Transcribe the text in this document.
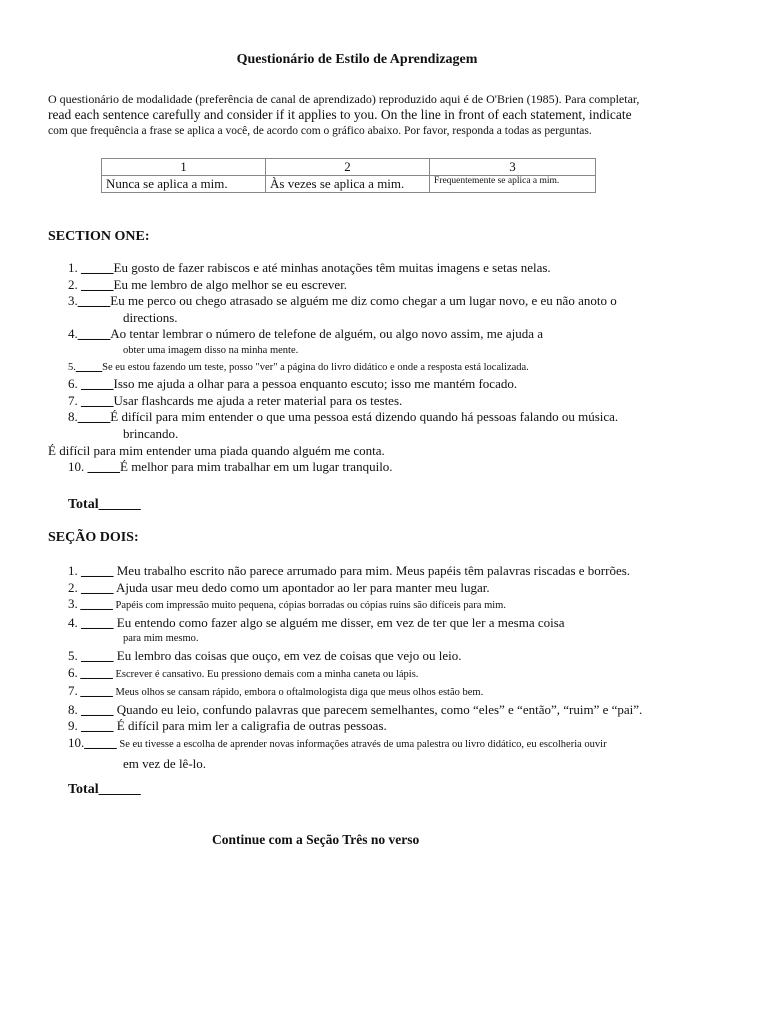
Questionário de Estilo de Aprendizagem
O questionário de modalidade (preferência de canal de aprendizado) reproduzido aqui é de O'Brien (1985). Para completar,
read each sentence carefully and consider if it applies to you. On the line in front of each statement, indicate
com que frequência a frase se aplica a você, de acordo com o gráfico abaixo. Por favor, responda a todas as perguntas.
1	2	3
Nunca se aplica a mim.	Às vezes se aplica a mim.	Frequentemente se aplica a mim.
SECTION ONE:
1. _____Eu gosto de fazer rabiscos e até minhas anotações têm muitas imagens e setas nelas.
2. _____Eu me lembro de algo melhor se eu escrever.
3._____Eu me perco ou chego atrasado se alguém me diz como chegar a um lugar novo, e eu não anoto o
directions.
4._____Ao tentar lembrar o número de telefone de alguém, ou algo novo assim, me ajuda a
obter uma imagem disso na minha mente.
5._____Se eu estou fazendo um teste, posso "ver" a página do livro didático e onde a resposta está localizada.
6. _____Isso me ajuda a olhar para a pessoa enquanto escuto; isso me mantém focado.
7. _____Usar flashcards me ajuda a reter material para os testes.
8._____É difícil para mim entender o que uma pessoa está dizendo quando há pessoas falando ou música.
brincando.
É difícil para mim entender uma piada quando alguém me conta.
10. _____É melhor para mim trabalhar em um lugar tranquilo.
Total______
SEÇÃO DOIS:
1. _____ Meu trabalho escrito não parece arrumado para mim. Meus papéis têm palavras riscadas e borrões.
2. _____ Ajuda usar meu dedo como um apontador ao ler para manter meu lugar.
3. _____ Papéis com impressão muito pequena, cópias borradas ou cópias ruins são difíceis para mim.
4. _____ Eu entendo como fazer algo se alguém me disser, em vez de ter que ler a mesma coisa
para mim mesmo.
5. _____ Eu lembro das coisas que ouço, em vez de coisas que vejo ou leio.
6. _____ Escrever é cansativo. Eu pressiono demais com a minha caneta ou lápis.
7. _____ Meus olhos se cansam rápido, embora o oftalmologista diga que meus olhos estão bem.
8. _____ Quando eu leio, confundo palavras que parecem semelhantes, como “eles” e “então”, “ruim” e “pai”.
9. _____ É difícil para mim ler a caligrafia de outras pessoas.
10._____ Se eu tivesse a escolha de aprender novas informações através de uma palestra ou livro didático, eu escolheria ouvir
em vez de lê-lo.
Total______
Continue com a Seção Três no verso
